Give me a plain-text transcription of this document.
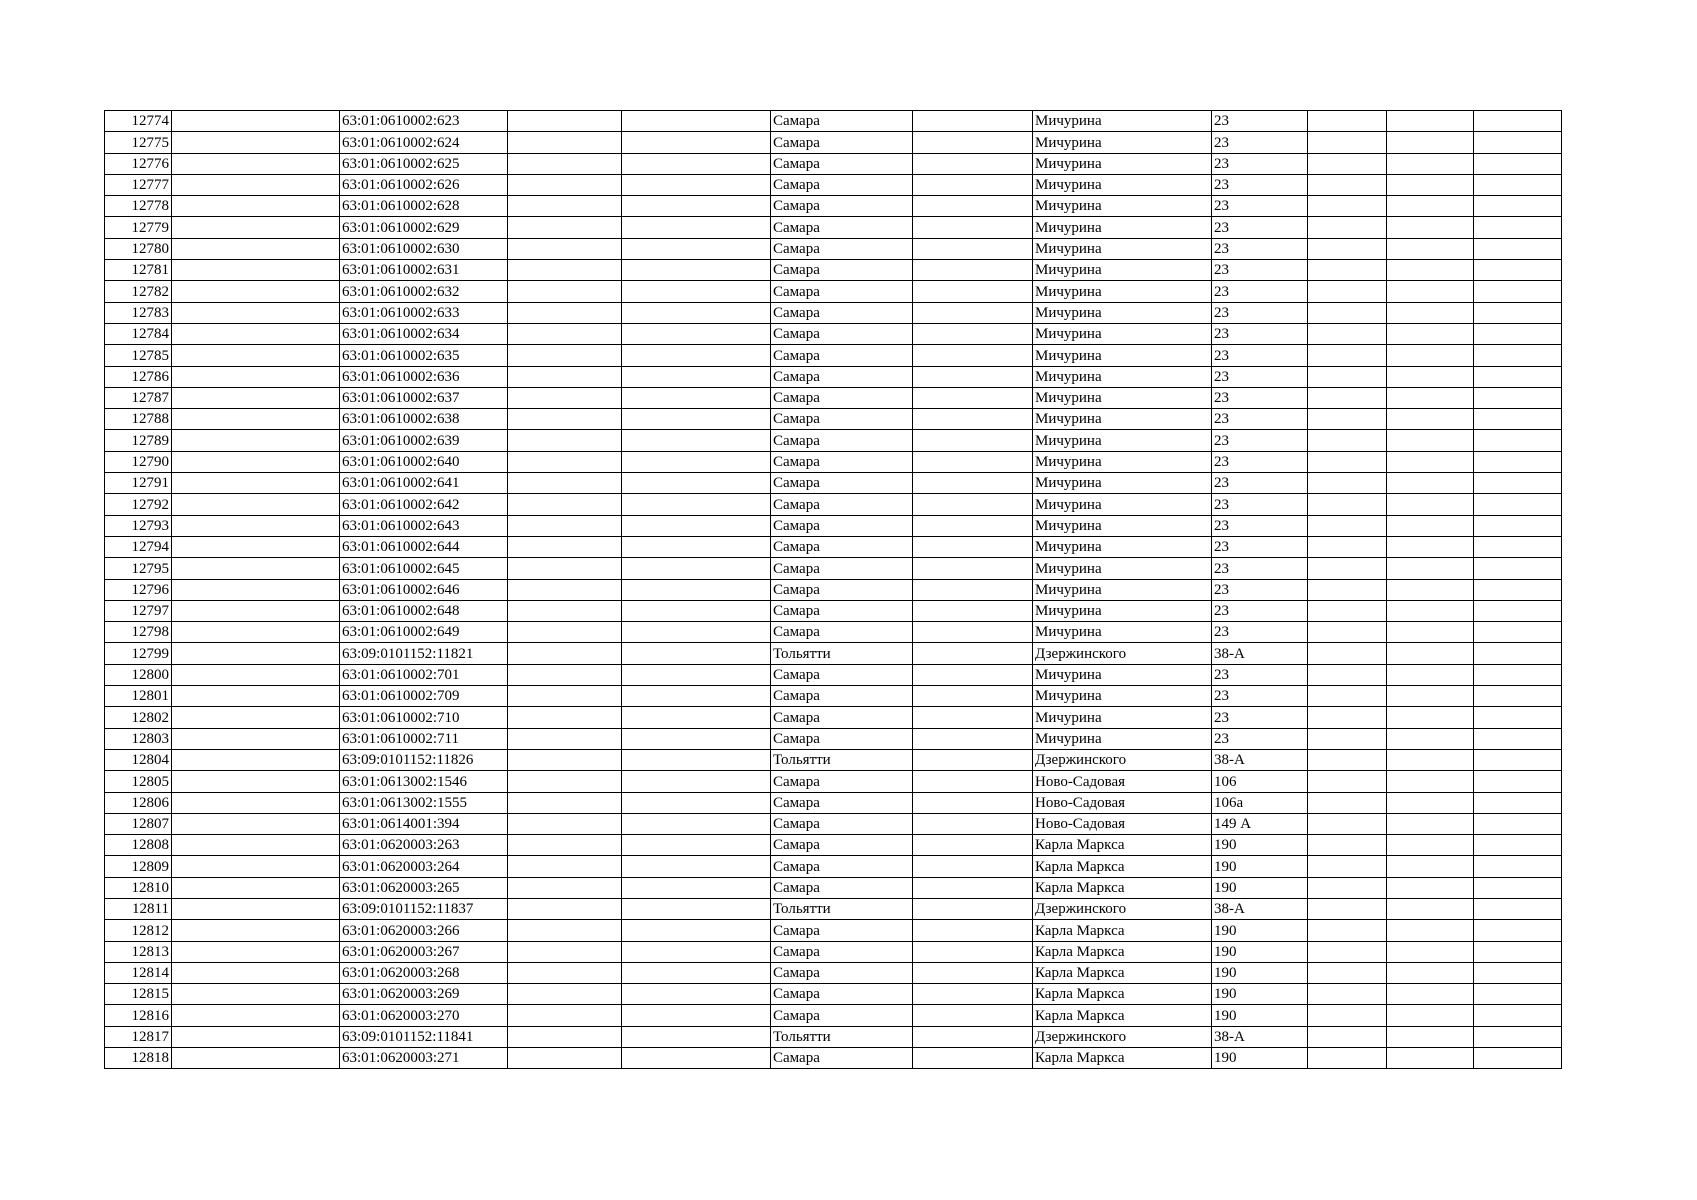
12774		63:01:0610002:623			Самара		Мичурина	23			
12775		63:01:0610002:624			Самара		Мичурина	23			
12776		63:01:0610002:625			Самара		Мичурина	23			
12777		63:01:0610002:626			Самара		Мичурина	23			
12778		63:01:0610002:628			Самара		Мичурина	23			
12779		63:01:0610002:629			Самара		Мичурина	23			
12780		63:01:0610002:630			Самара		Мичурина	23			
12781		63:01:0610002:631			Самара		Мичурина	23			
12782		63:01:0610002:632			Самара		Мичурина	23			
12783		63:01:0610002:633			Самара		Мичурина	23			
12784		63:01:0610002:634			Самара		Мичурина	23			
12785		63:01:0610002:635			Самара		Мичурина	23			
12786		63:01:0610002:636			Самара		Мичурина	23			
12787		63:01:0610002:637			Самара		Мичурина	23			
12788		63:01:0610002:638			Самара		Мичурина	23			
12789		63:01:0610002:639			Самара		Мичурина	23			
12790		63:01:0610002:640			Самара		Мичурина	23			
12791		63:01:0610002:641			Самара		Мичурина	23			
12792		63:01:0610002:642			Самара		Мичурина	23			
12793		63:01:0610002:643			Самара		Мичурина	23			
12794		63:01:0610002:644			Самара		Мичурина	23			
12795		63:01:0610002:645			Самара		Мичурина	23			
12796		63:01:0610002:646			Самара		Мичурина	23			
12797		63:01:0610002:648			Самара		Мичурина	23			
12798		63:01:0610002:649			Самара		Мичурина	23			
12799		63:09:0101152:11821			Тольятти		Дзержинского	38-А			
12800		63:01:0610002:701			Самара		Мичурина	23			
12801		63:01:0610002:709			Самара		Мичурина	23			
12802		63:01:0610002:710			Самара		Мичурина	23			
12803		63:01:0610002:711			Самара		Мичурина	23			
12804		63:09:0101152:11826			Тольятти		Дзержинского	38-А			
12805		63:01:0613002:1546			Самара		Ново-Садовая	106			
12806		63:01:0613002:1555			Самара		Ново-Садовая	106а			
12807		63:01:0614001:394			Самара		Ново-Садовая	149 А			
12808		63:01:0620003:263			Самара		Карла Маркса	190			
12809		63:01:0620003:264			Самара		Карла Маркса	190			
12810		63:01:0620003:265			Самара		Карла Маркса	190			
12811		63:09:0101152:11837			Тольятти		Дзержинского	38-А			
12812		63:01:0620003:266			Самара		Карла Маркса	190			
12813		63:01:0620003:267			Самара		Карла Маркса	190			
12814		63:01:0620003:268			Самара		Карла Маркса	190			
12815		63:01:0620003:269			Самара		Карла Маркса	190			
12816		63:01:0620003:270			Самара		Карла Маркса	190			
12817		63:09:0101152:11841			Тольятти		Дзержинского	38-А			
12818		63:01:0620003:271			Самара		Карла Маркса	190			
